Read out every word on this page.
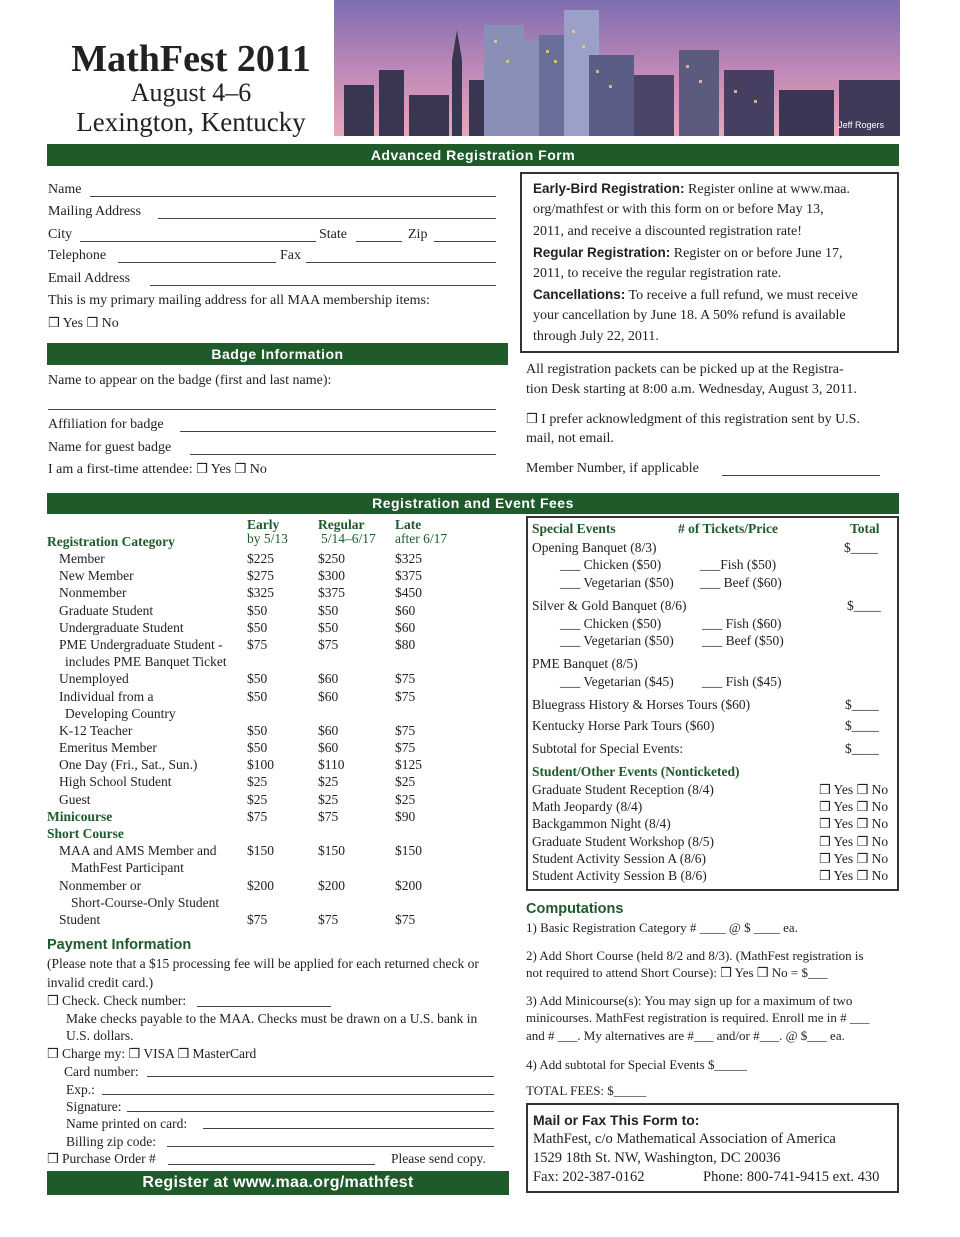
MathFest 2011
August 4–6
Lexington, Kentucky	Jeff Rogers
Advanced Registration Form
Name
Mailing Address
City	State	Zip
Telephone	Fax
Email Address
This is my primary mailing address for all MAA membership items:
❒ Yes ❒ No
Early-Bird Registration: Register online at www.maa.
org/mathfest or with this form on or before May 13,
2011, and receive a discounted registration rate!
Regular Registration: Register on or before June 17,
2011, to receive the regular registration rate.
Cancellations: To receive a full refund, we must receive
your cancellation by June 18. A 50% refund is available
through July 22, 2011.
Badge Information
Name to appear on the badge (first and last name):
Affiliation for badge
Name for guest badge
I am a first-time attendee: ❒ Yes ❒ No
All registration packets can be picked up at the Registra-
tion Desk starting at 8:00 a.m. Wednesday, August 3, 2011.
❒ I prefer acknowledgment of this registration sent by U.S.
mail, not email.
Member Number, if applicable
Registration and Event Fees
Early
by 5/13
Regular
5/14–6/17
Late
after 6/17
Registration Category
Member	$225	$250	$325
New Member	$275	$300	$375
Nonmember	$325	$375	$450
Graduate Student	$50	$50	$60
Undergraduate Student	$50	$50	$60
PME Undergraduate Student -	$75	$75	$80
includes PME Banquet Ticket			
Unemployed	$50	$60	$75
Individual from a	$50	$60	$75
Developing Country			
K-12 Teacher	$50	$60	$75
Emeritus Member	$50	$60	$75
One Day (Fri., Sat., Sun.)	$100	$110	$125
High School Student	$25	$25	$25
Guest	$25	$25	$25
Minicourse	$75	$75	$90
Short Course			
MAA and AMS Member and	$150	$150	$150
MathFest Participant			
Nonmember or	$200	$200	$200
Short-Course-Only Student			
Student	$75	$75	$75
Special Events	# of Tickets/Price	Total
Opening Banquet (8/3)	$____
___ Chicken ($50)	___Fish ($50)
___ Vegetarian ($50) ___ Beef ($60)
Silver & Gold Banquet (8/6)	$____
___ Chicken ($50)	___ Fish ($60)
___ Vegetarian ($50) ___ Beef ($50)
PME Banquet (8/5)
___ Vegetarian ($45) ___ Fish ($45)
Bluegrass History & Horses Tours ($60)	$____
Kentucky Horse Park Tours ($60)	$____
Subtotal for Special Events:	$____
Student/Other Events (Nonticketed)
Graduate Student Reception (8/4)	❒ Yes ❒ No
Math Jeopardy (8/4)	❒ Yes ❒ No
Backgammon Night (8/4)	❒ Yes ❒ No
Graduate Student Workshop (8/5)	❒ Yes ❒ No
Student Activity Session A (8/6)	❒ Yes ❒ No
Student Activity Session B (8/6)	❒ Yes ❒ No
Computations
1) Basic Registration Category # ____ @ $ ____ ea.
2) Add Short Course (held 8/2 and 8/3). (MathFest registration is
not required to attend Short Course): ❒ Yes ❒ No = $___
3) Add Minicourse(s): You may sign up for a maximum of two
minicourses. MathFest registration is required. Enroll me in # ___
and # ___. My alternatives are #___ and/or #___. @ $___ ea.
4) Add subtotal for Special Events $_____
TOTAL FEES: $_____
Mail or Fax This Form to:
MathFest, c/o Mathematical Association of America
1529 18th St. NW, Washington, DC 20036
Fax: 202-387-0162	Phone: 800-741-9415 ext. 430
Payment Information
(Please note that a $15 processing fee will be applied for each returned check or
invalid credit card.)
❒ Check. Check number:
Make checks payable to the MAA. Checks must be drawn on a U.S. bank in
U.S. dollars.
❒ Charge my: ❒ VISA ❒ MasterCard
Card number:
Exp.:
Signature:
Name printed on card:
Billing zip code:
❒ Purchase Order #	Please send copy.
Register at www.maa.org/mathfest
